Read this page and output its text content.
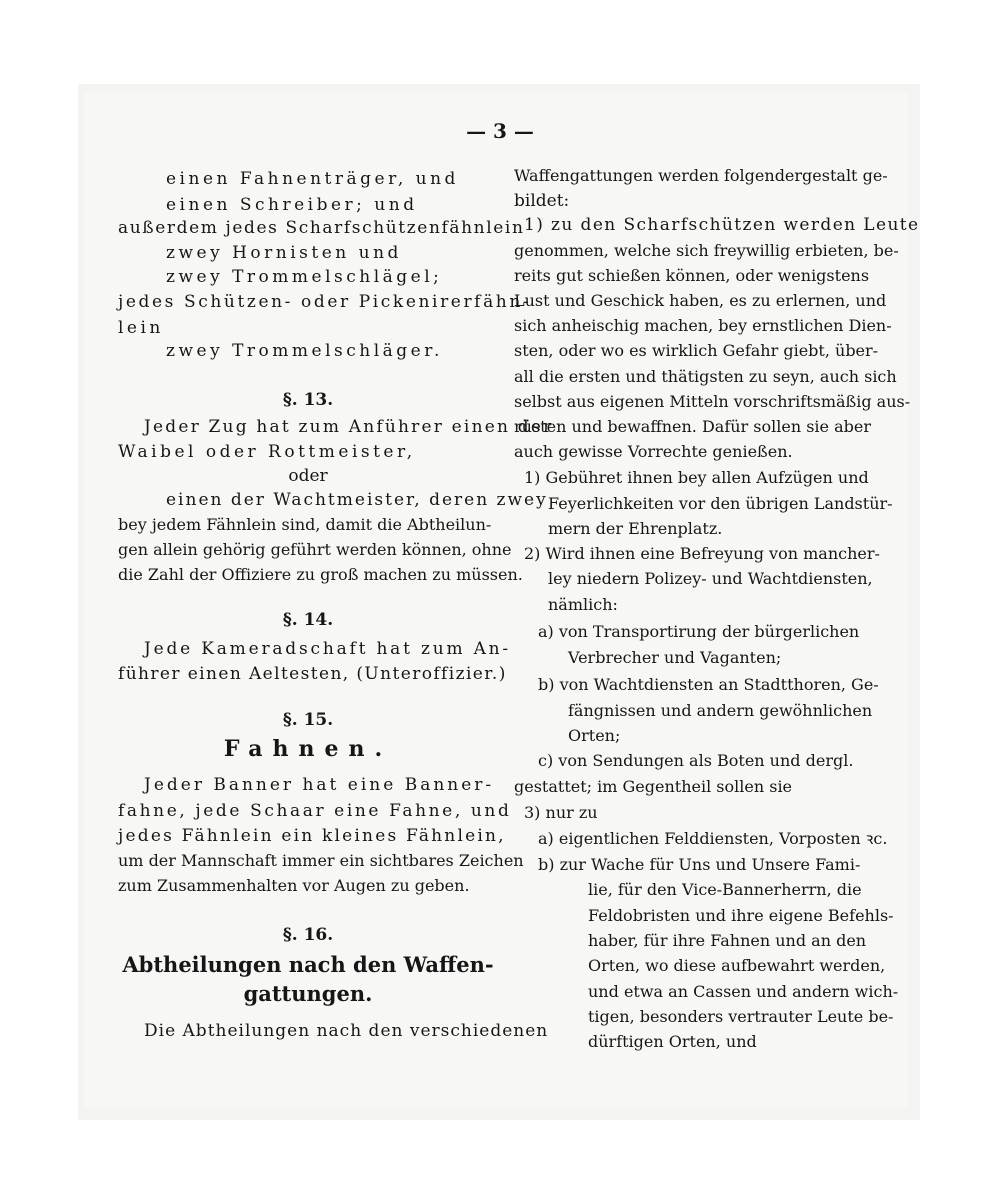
— 3 —
einen Fahnenträger, und
einen Schreiber; und
außerdem jedes Scharfschützenfähnlein
zwey Hornisten und
zwey Trommelschlägel;
jedes Schützen- oder Pickenirerfähn-
lein
zwey Trommelschläger.
§. 13.
Jeder Zug hat zum Anführer einen der
Waibel oder Rottmeister,
oder
einen der Wachtmeister, deren zwey
bey jedem Fähnlein sind, damit die Abtheilun-
gen allein gehörig geführt werden können, ohne
die Zahl der Offiziere zu groß machen zu müssen.
§. 14.
Jede Kameradschaft hat zum An-
führer einen Aeltesten, (Unteroffizier.)
§. 15.
Fahnen.
Jeder Banner hat eine Banner-
fahne, jede Schaar eine Fahne, und
jedes Fähnlein ein kleines Fähnlein,
um der Mannschaft immer ein sichtbares Zeichen
zum Zusammenhalten vor Augen zu geben.
§. 16.
Abtheilungen nach den Waffen-
gattungen.
Die Abtheilungen nach den verschiedenen
Waffengattungen werden folgendergestalt ge-
bildet:
1) zu den Scharfschützen werden Leute
genommen, welche sich freywillig erbieten, be-
reits gut schießen können, oder wenigstens
Lust und Geschick haben, es zu erlernen, und
sich anheischig machen, bey ernstlichen Dien-
sten, oder wo es wirklich Gefahr giebt, über-
all die ersten und thätigsten zu seyn, auch sich
selbst aus eigenen Mitteln vorschriftsmäßig aus-
rüsten und bewaffnen. Dafür sollen sie aber
auch gewisse Vorrechte genießen.
1) Gebühret ihnen bey allen Aufzügen und
Feyerlichkeiten vor den übrigen Landstür-
mern der Ehrenplatz.
2) Wird ihnen eine Befreyung von mancher-
ley niedern Polizey- und Wachtdiensten,
nämlich:
a) von Transportirung der bürgerlichen
Verbrecher und Vaganten;
b) von Wachtdiensten an Stadtthoren, Ge-
fängnissen und andern gewöhnlichen
Orten;
c) von Sendungen als Boten und dergl.
gestattet; im Gegentheil sollen sie
3) nur zu
a) eigentlichen Felddiensten, Vorposten ꝛc.
b) zur Wache für Uns und Unsere Fami-
lie, für den Vice-Bannerherrn, die
Feldobristen und ihre eigene Befehls-
haber, für ihre Fahnen und an den
Orten, wo diese aufbewahrt werden,
und etwa an Cassen und andern wich-
tigen, besonders vertrauter Leute be-
dürftigen Orten, und
